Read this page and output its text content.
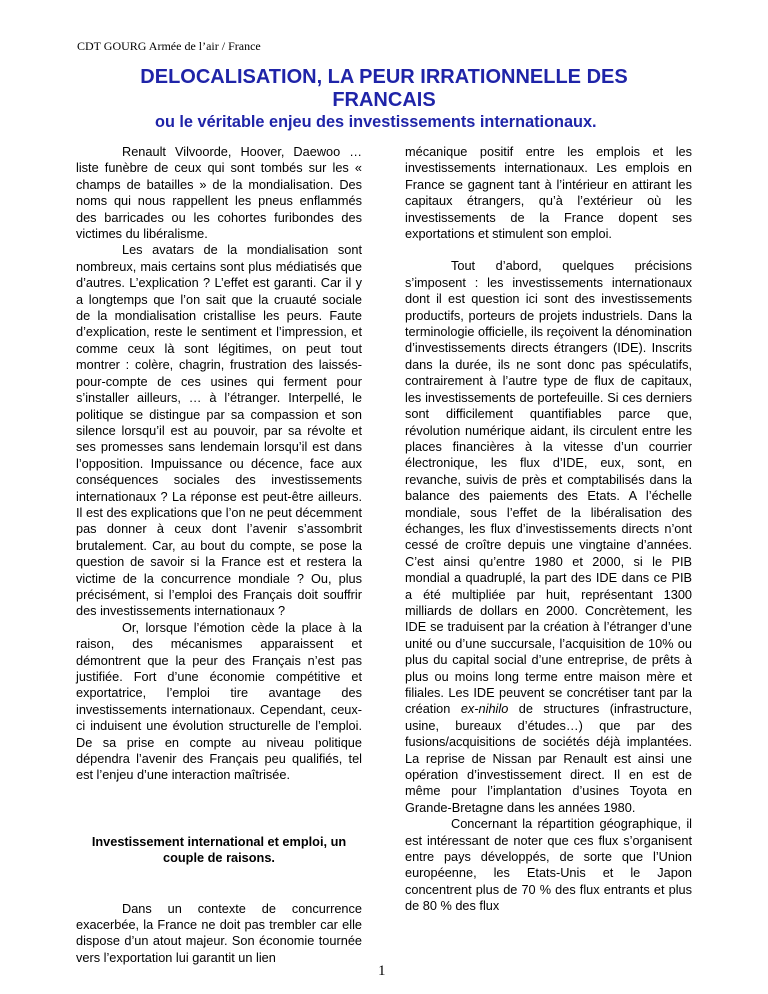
CDT GOURG Armée de l’air / France
DELOCALISATION, LA PEUR IRRATIONNELLE DES FRANCAIS
ou le véritable enjeu des investissements internationaux.

Renault Vilvoorde, Hoover, Daewoo … liste funèbre de ceux qui sont tombés sur les « champs de batailles » de la mondialisation. Des noms qui nous rappellent les pneus enflammés des barricades ou les cohortes furibondes des victimes du libéralisme.

Les avatars de la mondialisation sont nombreux, mais certains sont plus médiatisés que d’autres. L’explication ? L’effet est garanti. Car il y a longtemps que l’on sait que la cruauté sociale de la mondialisation cristallise les peurs. Faute d’explication, reste le sentiment et l’impression, et comme ceux là sont légitimes, on peut tout montrer : colère, chagrin, frustration des laissés-pour-compte de ces usines qui ferment pour s’installer ailleurs, … à l’étranger. Interpellé, le politique se distingue par sa compassion et son silence lorsqu’il est au pouvoir, par sa révolte et ses promesses sans lendemain lorsqu’il est dans l’opposition. Impuissance ou décence, face aux conséquences sociales des investissements internationaux ? La réponse est peut-être ailleurs. Il est des explications que l’on ne peut décemment pas donner à ceux dont l’avenir s’assombrit brutalement. Car, au bout du compte, se pose la question de savoir si la France est et restera la victime de la concurrence mondiale ? Ou, plus précisément, si l’emploi des Français doit souffrir des investissements internationaux ?

Or, lorsque l’émotion cède la place à la raison, des mécanismes apparaissent et démontrent que la peur des Français n’est pas justifiée. Fort d’une économie compétitive et exportatrice, l’emploi tire avantage des investissements internationaux. Cependant, ceux-ci induisent une évolution structurelle de l’emploi. De sa prise en compte au niveau politique dépendra l’avenir des Français peu qualifiés, tel est l’enjeu d’une interaction maîtrisée.

Investissement international et emploi, un couple de raisons.

Dans un contexte de concurrence exacerbée, la France ne doit pas trembler car elle dispose d’un atout majeur. Son économie tournée vers l’exportation lui garantit un lien

mécanique positif entre les emplois et les investissements internationaux. Les emplois en France se gagnent tant à l’intérieur en attirant les capitaux étrangers, qu’à l’extérieur où les investissements de la France dopent ses exportations et stimulent son emploi.

Tout d’abord, quelques précisions s’imposent : les investissements internationaux dont il est question ici sont des investissements productifs, porteurs de projets industriels. Dans la terminologie officielle, ils reçoivent la dénomination d’investissements directs étrangers (IDE). Inscrits dans la durée, ils ne sont donc pas spéculatifs, contrairement à l’autre type de flux de capitaux, les investissements de portefeuille. Si ces derniers sont difficilement quantifiables parce que, révolution numérique aidant, ils circulent entre les places financières à la vitesse d’un courrier électronique, les flux d’IDE, eux, sont, en revanche, suivis de près et comptabilisés dans la balance des paiements des Etats. A l’échelle mondiale, sous l’effet de la libéralisation des échanges, les flux d’investissements directs n’ont cessé de croître depuis une vingtaine d’années. C’est ainsi qu’entre 1980 et 2000, si le PIB mondial a quadruplé, la part des IDE dans ce PIB a été multipliée par huit, représentant 1300 milliards de dollars en 2000. Concrètement, les IDE se traduisent par la création à l’étranger d’une unité ou d’une succursale, l’acquisition de 10% ou plus du capital social d’une entreprise, de prêts à plus ou moins long terme entre maison mère et filiales. Les IDE peuvent se concrétiser tant par la création ex-nihilo de structures (infrastructure, usine, bureaux d’études…) que par des fusions/acquisitions de sociétés déjà implantées. La reprise de Nissan par Renault est ainsi une opération d’investissement direct. Il en est de même pour l’implantation d’usines Toyota en Grande-Bretagne dans les années 1980.

Concernant la répartition géographique, il est intéressant de noter que ces flux s’organisent entre pays développés, de sorte que l’Union européenne, les Etats-Unis et le Japon concentrent plus de 70 % des flux entrants et plus de 80 % des flux

1
